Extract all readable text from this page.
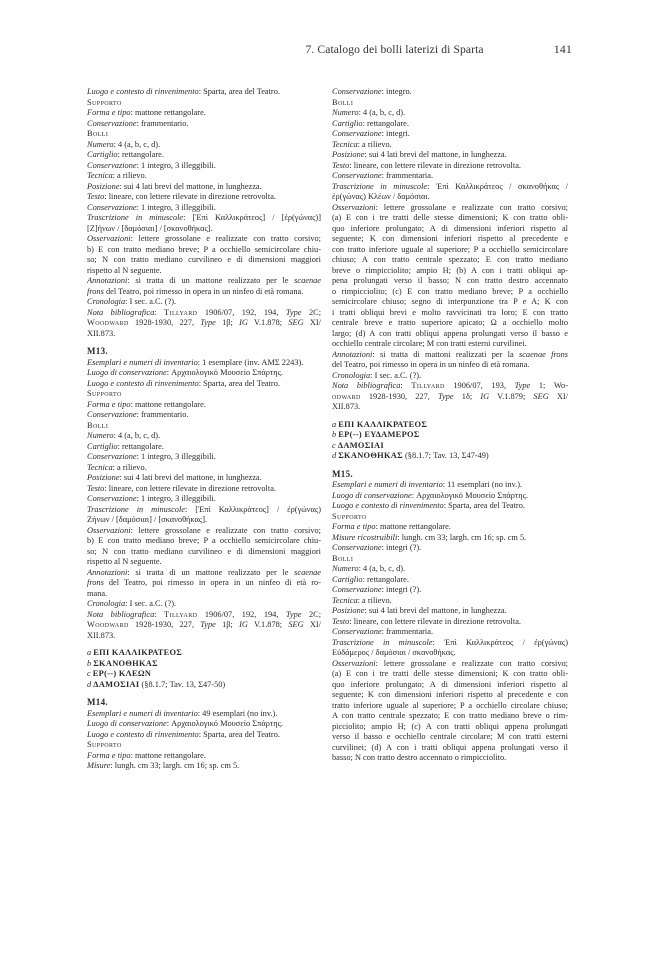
7. Catalogo dei bolli laterizi di Sparta	141
Luogo e contesto di rinvenimento: Sparta, area del Teatro.
Supporto
Forma e tipo: mattone rettangolare.
Conservazione: frammentario.
Bolli
Numero: 4 (a, b, c, d).
Cartiglio: rettangolare.
Conservazione: 1 integro, 3 illeggibili.
Tecnica: a rilievo.
Posizione: sui 4 lati brevi del mattone, in lunghezza.
Testo: lineare, con lettere rilevate in direzione retrovolta.
Conservazione: 1 integro, 3 illeggibili.
Trascrizione in minuscole: [Ἐπὶ Καλλικράτεος] / [ἐρ(γώνας)]
[Ζ]ήνων / [δαμόσιαι] / [σκανοθήκας].
Osservazioni: lettere grossolane e realizzate con tratto corsivo;
b) E con tratto mediano breve; P a occhiello semicircolare chiu-
so; N con tratto mediano curvilineo e di dimensioni maggiori
rispetto al N seguente.
Annotazioni: si tratta di un mattone realizzato per le scaenae
frons del Teatro, poi rimesso in opera in un ninfeo di età romana.
Cronologia: I sec. a.C. (?).
Nota bibliografica: Tillyard 1906/07, 192, 194, Type 2C;
Woodward 1928-1930, 227, Type 1β; IG V.1.878; SEG XI/
XII.873.
M13.
Esemplari e numeri di inventario: 1 esemplare (inv. ΑΜΣ 2243).
Luogo di conservazione: Αρχαιολογικό Μουσείο Σπάρτης.
Luogo e contesto di rinvenimento: Sparta, area del Teatro.
Supporto
Forma e tipo: mattone rettangolare.
Conservazione: frammentario.
Bolli
Numero: 4 (a, b, c, d).
Cartiglio: rettangolare.
Conservazione: 1 integro, 3 illeggibili.
Tecnica: a rilievo.
Posizione: sui 4 lati brevi del mattone, in lunghezza.
Testo: lineare, con lettere rilevate in direzione retrovolta.
Conservazione: 1 integro, 3 illeggibili.
Trascrizione in minuscole: [Ἐπὶ Καλλικράτεος] / ἐρ(γώνας)
Ζήνων / [δαμόσιαι] / [σκανοθήκας].
Osservazioni: lettere grossolane e realizzate con tratto corsivo;
b) E con tratto mediano breve; P a occhiello semicircolare chiu-
so; N con tratto mediano curvilineo e di dimensioni maggiori
rispetto al N seguente.
Annotazioni: si tratta di un mattone realizzato per le scaenae
frons del Teatro, poi rimesso in opera in un ninfeo di età ro-
mana.
Cronologia: I sec. a.C. (?).
Nota bibliografica: Tillyard 1906/07, 192, 194, Type 2C;
Woodward 1928-1930, 227, Type 1β; IG V.1.878; SEG XI/
XII.873.
a ΕΠΙ ΚΑΛΛΙΚΡΑΤΕΟΣ
b ΣΚΑΝΟΘΗΚΑΣ
c ΕΡ(--) ΚΛΕΩΝ
d ΔΑΜΟΣΙΑΙ (§8.1.7; Tav. 13, Σ47-50)
M14.
Esemplari e numeri di inventario: 49 esemplari (no inv.).
Luogo di conservazione: Αρχαιολογικό Μουσείο Σπάρτης.
Luogo e contesto di rinvenimento: Sparta, area del Teatro.
Supporto
Forma e tipo: mattone rettangolare.
Misure: lungh. cm 33; largh. cm 16; sp. cm 5.
Conservazione: integro.
Bolli
Numero: 4 (a, b, c, d).
Cartiglio: rettangolare.
Conservazione: integri.
Tecnica: a rilievo.
Posizione: sui 4 lati brevi del mattone, in lunghezza.
Testo: lineare, con lettere rilevate in direzione retrovolta.
Conservazione: frammentaria.
Trascrizione in minuscole: Ἐπὶ Καλλικράτεος / σκανοθήκας /
ἐρ(γώνας) Κλέων / δαμόσιαι.
Osservazioni: lettere grossolane e realizzate con tratto corsivo;
(a) E con i tre tratti delle stesse dimensioni; K con tratto obli-
quo inferiore prolungato; A di dimensioni inferiori rispetto al
seguente; K con dimensioni inferiori rispetto al precedente e
con tratto inferiore uguale al superiore; P a occhiello semicircolare
chiuso; A con tratto centrale spezzato; E con tratto mediano
breve o rimpicciolito; ampio H; (b) A con i tratti obliqui ap-
pena prolungati verso il basso; N con tratto destro accennato
o rimpicciolito; (c) E con tratto mediano breve; P a occhiello
semicircolare chiuso; segno di interpunzione tra P e A; K con
i tratti obliqui brevi e molto ravvicinati tra loro; E con tratto
centrale breve e tratto superiore apicato; Ω a occhiello molto
largo; (d) A con tratti obliqui appena prolungati verso il basso e
occhiello centrale circolare; M con tratti esterni curvilinei.
Annotazioni: si tratta di mattoni realizzati per la scaenae frons
del Teatro, poi rimesso in opera in un ninfeo di età romana.
Cronologia: I sec. a.C. (?).
Nota bibliografica: Tillyard 1906/07, 193, Type 1; Wo-
odward 1928-1930, 227, Type 1δ; IG V.1.879; SEG XI/
XII.873.
a ΕΠΙ ΚΑΛΛΙΚΡΑΤΕΟΣ
b ΕΡ(--) ΕΥΔΑΜΕΡΟΣ
c ΔΑΜΟΣΙΑΙ
d ΣΚΑΝΟΘΗΚΑΣ (§8.1.7; Tav. 13, Σ47-49)
M15.
Esemplari e numeri di inventario: 11 esemplari (no inv.).
Luogo di conservazione: Αρχαιολογικό Μουσείο Σπάρτης.
Luogo e contesto di rinvenimento: Sparta, area del Teatro.
Supporto
Forma e tipo: mattone rettangolare.
Misure ricostruibili: lungh. cm 33; largh. cm 16; sp. cm 5.
Conservazione: integri (?).
Bolli
Numero: 4 (a, b, c, d).
Cartiglio: rettangolare.
Conservazione: integri (?).
Tecnica: a rilievo.
Posizione: sui 4 lati brevi del mattone, in lunghezza.
Testo: lineare, con lettere rilevate in direzione retrovolta.
Conservazione: frammentaria.
Trascrizione in minuscole: Ἐπὶ Καλλικράτεος / ἐρ(γώνας)
Εὐδάμερος / δαμόσιαι / σκανοθήκας.
Osservazioni: lettere grossolane e realizzate con tratto corsivo;
(a) E con i tre tratti delle stesse dimensioni; K con tratto obli-
quo inferiore prolungato; A di dimensioni inferiori rispetto al
seguente; K con dimensioni inferiori rispetto al precedente e con
tratto inferiore uguale al superiore; P a occhiello circolare chiuso;
A con tratto centrale spezzato; E con tratto mediano breve o rim-
picciolito; ampio H; (c) A con tratti obliqui appena prolungati
verso il basso e occhiello centrale circolare; M con tratti esterni
curvilinei; (d) A con i tratti obliqui appena prolungati verso il
basso; N con tratto destro accennato o rimpicciolito.
